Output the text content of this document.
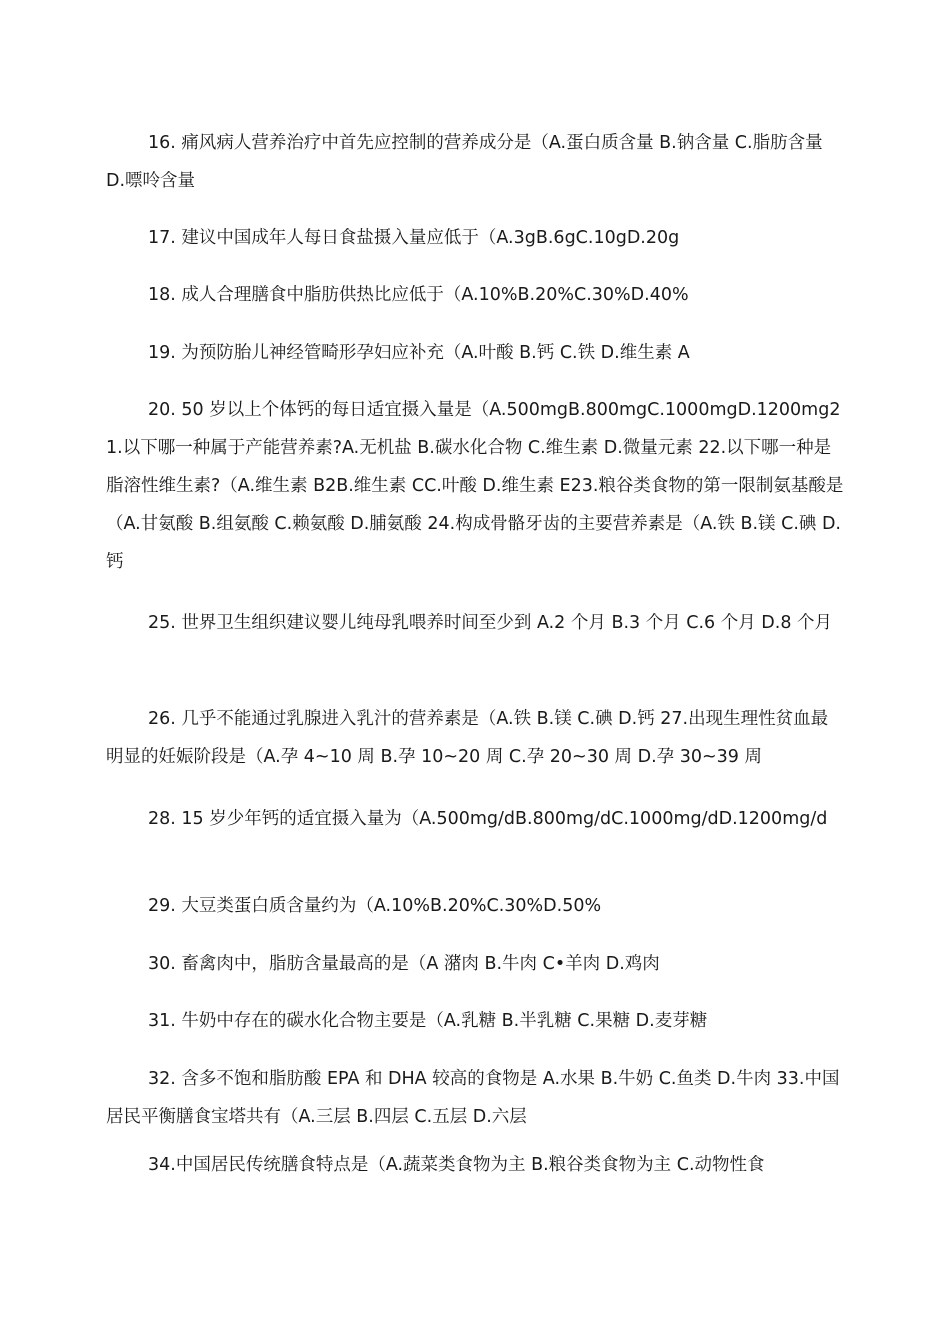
16. 痛风病人营养治疗中首先应控制的营养成分是（A.蛋白质含量 B.钠含量 C.脂肪含量 D.嘌呤含量

17. 建议中国成年人每日食盐摄入量应低于（A.3gB.6gC.10gD.20g

18. 成人合理膳食中脂肪供热比应低于（A.10%B.20%C.30%D.40%

19. 为预防胎儿神经管畸形孕妇应补充（A.叶酸 B.钙 C.铁 D.维生素 A

20. 50 岁以上个体钙的每日适宜摄入量是（A.500mgB.800mgC.1000mgD.1200mg21.以下哪一种属于产能营养素?A.无机盐 B.碳水化合物 C.维生素 D.微量元素 22.以下哪一种是脂溶性维生素?（A.维生素 B2B.维生素 CC.叶酸 D.维生素 E23.粮谷类食物的第一限制氨基酸是（A.甘氨酸 B.组氨酸 C.赖氨酸 D.脯氨酸 24.构成骨骼牙齿的主要营养素是（A.铁 B.镁 C.碘 D.钙

25. 世界卫生组织建议婴儿纯母乳喂养时间至少到 A.2 个月 B.3 个月 C.6 个月 D.8 个月

26. 几乎不能通过乳腺进入乳汁的营养素是（A.铁 B.镁 C.碘 D.钙 27.出现生理性贫血最明显的妊娠阶段是（A.孕 4~10 周 B.孕 10~20 周 C.孕 20~30 周 D.孕 30~39 周

28. 15 岁少年钙的适宜摄入量为（A.500mg/dB.800mg/dC.1000mg/dD.1200mg/d

29. 大豆类蛋白质含量约为（A.10%B.20%C.30%D.50%

30. 畜禽肉中，脂肪含量最高的是（A 潴肉 B.牛肉 C•羊肉 D.鸡肉

31. 牛奶中存在的碳水化合物主要是（A.乳糖 B.半乳糖 C.果糖 D.麦芽糖

32. 含多不饱和脂肪酸 EPA 和 DHA 较高的食物是 A.水果 B.牛奶 C.鱼类 D.牛肉 33.中国居民平衡膳食宝塔共有（A.三层 B.四层 C.五层 D.六层

34.中国居民传统膳食特点是（A.蔬菜类食物为主 B.粮谷类食物为主 C.动物性食
